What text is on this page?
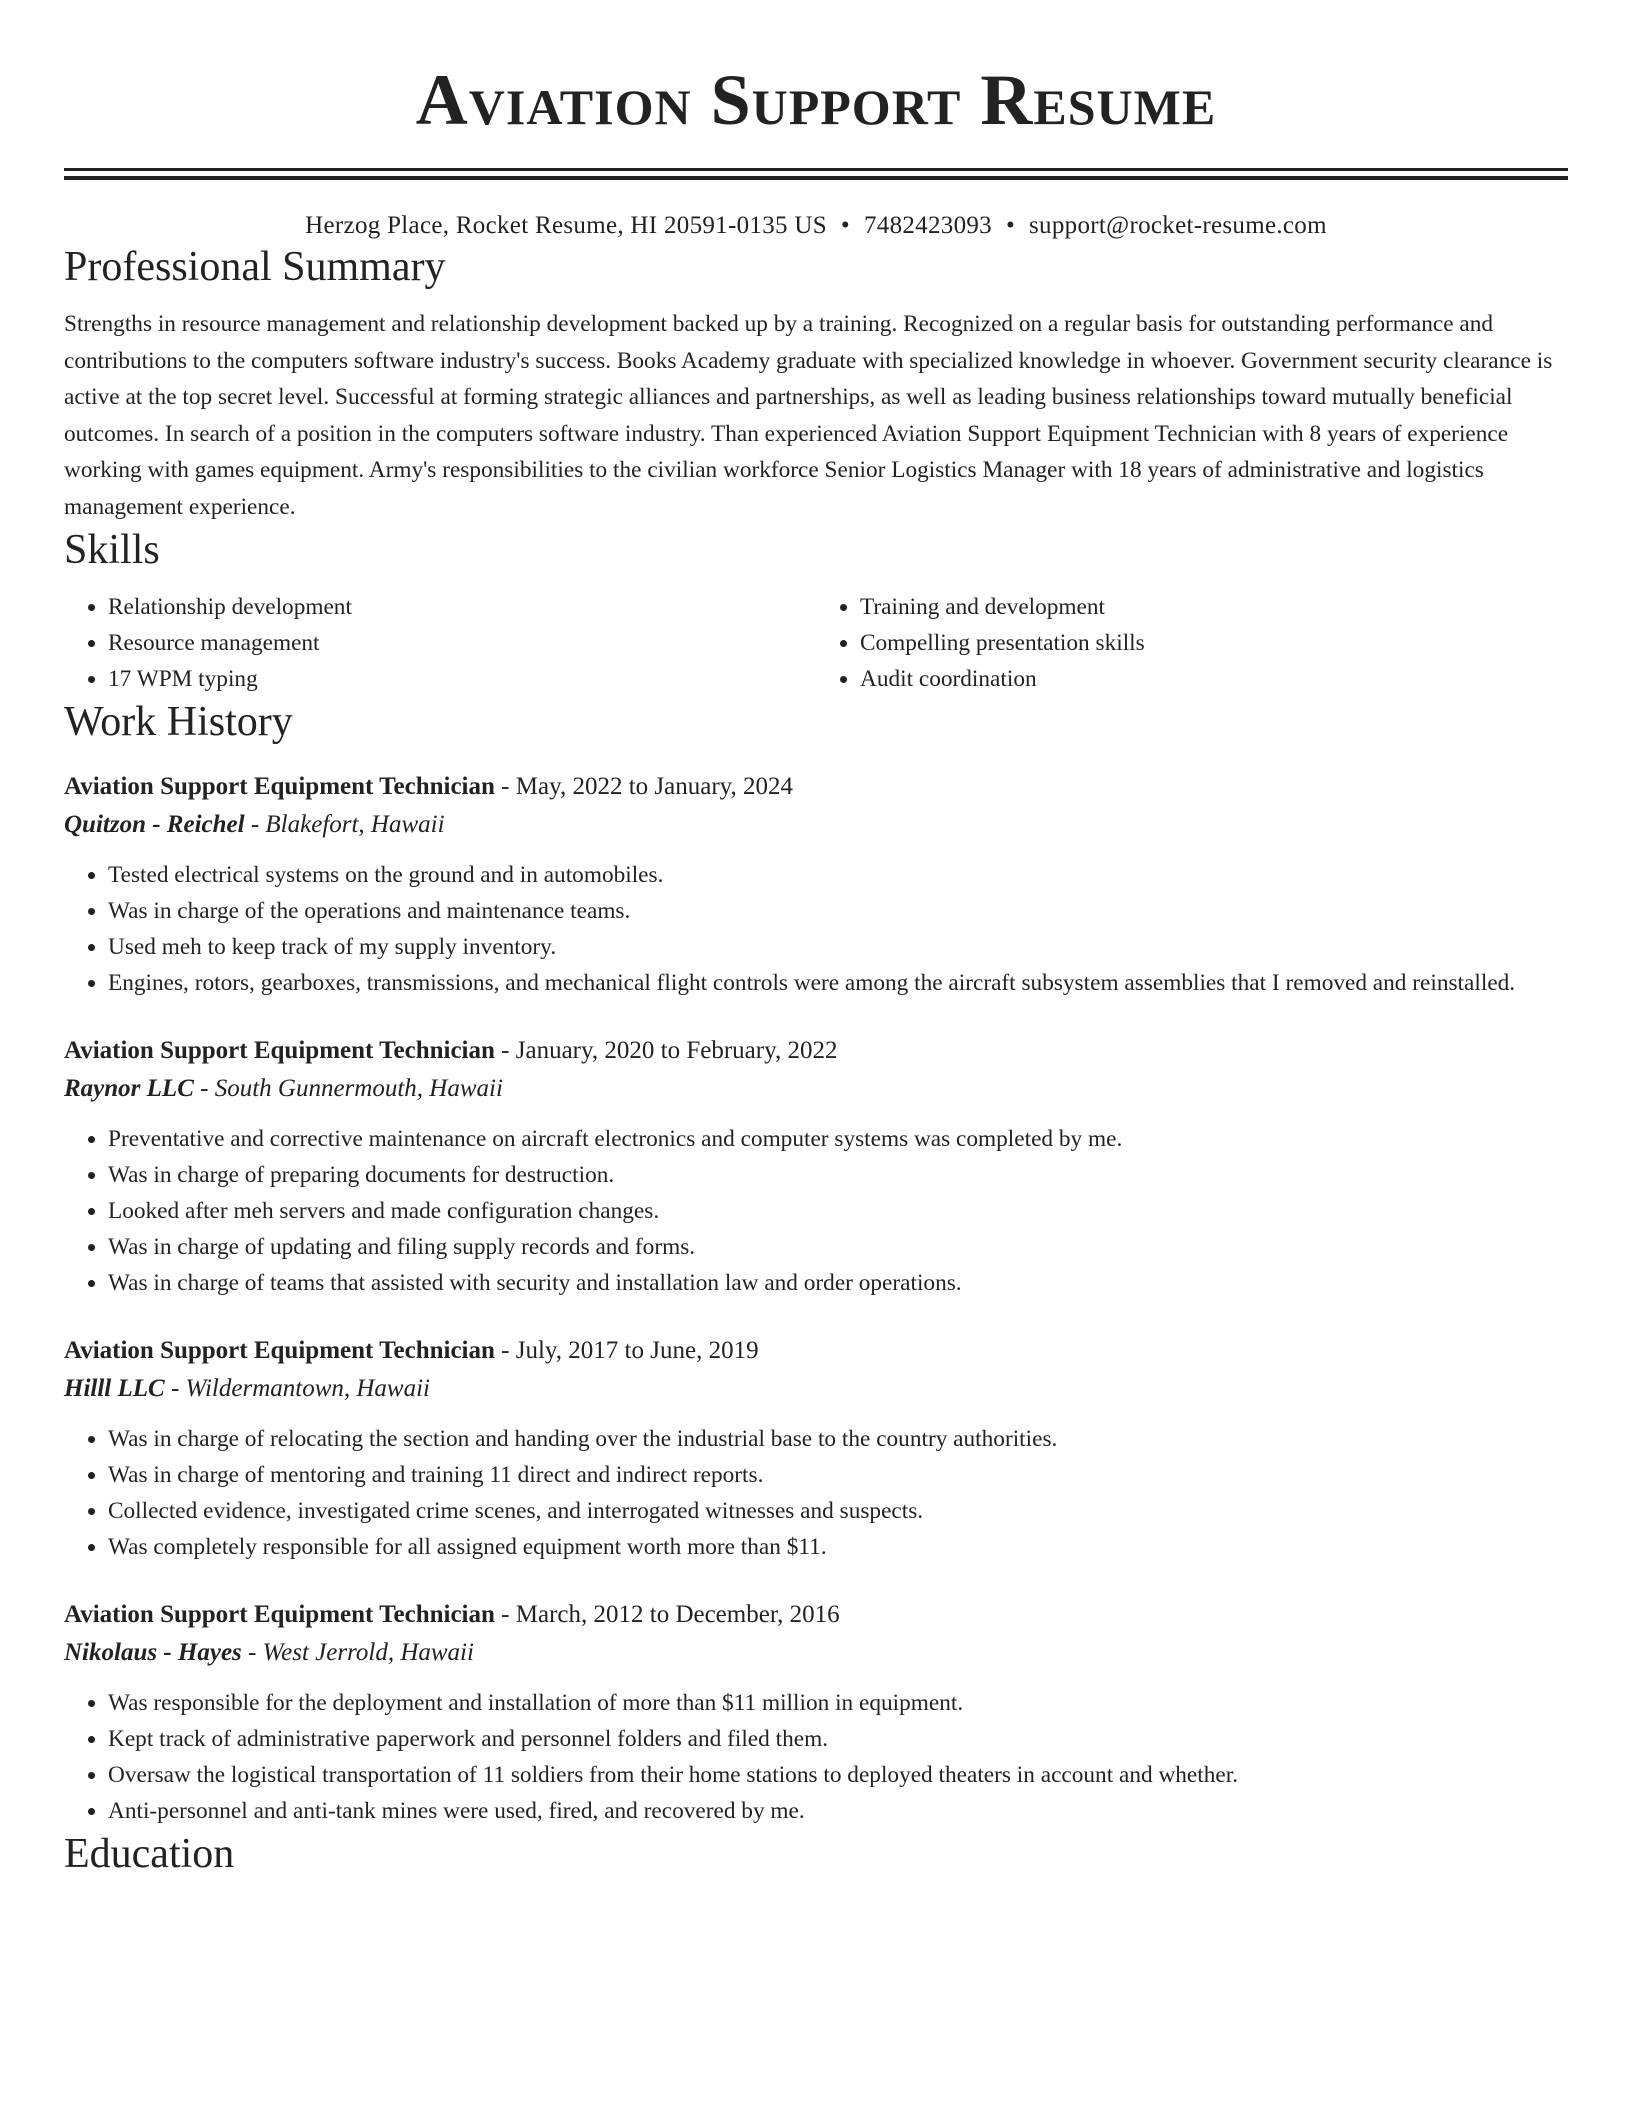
Aviation Support Resume
Herzog Place, Rocket Resume, HI 20591-0135 US • 7482423093 • support@rocket-resume.com
Professional Summary

Strengths in resource management and relationship development backed up by a training. Recognized on a regular basis for outstanding performance and contributions to the computers software industry's success. Books Academy graduate with specialized knowledge in whoever. Government security clearance is active at the top secret level. Successful at forming strategic alliances and partnerships, as well as leading business relationships toward mutually beneficial outcomes. In search of a position in the computers software industry. Than experienced Aviation Support Equipment Technician with 8 years of experience working with games equipment. Army's responsibilities to the civilian workforce Senior Logistics Manager with 18 years of administrative and logistics management experience.

Skills
• Relationship development
• Resource management
• 17 WPM typing
• Training and development
• Compelling presentation skills
• Audit coordination
Work History
Aviation Support Equipment Technician - May, 2022 to January, 2024
Quitzon - Reichel - Blakefort, Hawaii
• Tested electrical systems on the ground and in automobiles.
• Was in charge of the operations and maintenance teams.
• Used meh to keep track of my supply inventory.
• Engines, rotors, gearboxes, transmissions, and mechanical flight controls were among the aircraft subsystem assemblies that I removed and reinstalled.
Aviation Support Equipment Technician - January, 2020 to February, 2022
Raynor LLC - South Gunnermouth, Hawaii
• Preventative and corrective maintenance on aircraft electronics and computer systems was completed by me.
• Was in charge of preparing documents for destruction.
• Looked after meh servers and made configuration changes.
• Was in charge of updating and filing supply records and forms.
• Was in charge of teams that assisted with security and installation law and order operations.
Aviation Support Equipment Technician - July, 2017 to June, 2019
Hilll LLC - Wildermantown, Hawaii
• Was in charge of relocating the section and handing over the industrial base to the country authorities.
• Was in charge of mentoring and training 11 direct and indirect reports.
• Collected evidence, investigated crime scenes, and interrogated witnesses and suspects.
• Was completely responsible for all assigned equipment worth more than $11.
Aviation Support Equipment Technician - March, 2012 to December, 2016
Nikolaus - Hayes - West Jerrold, Hawaii
• Was responsible for the deployment and installation of more than $11 million in equipment.
• Kept track of administrative paperwork and personnel folders and filed them.
• Oversaw the logistical transportation of 11 soldiers from their home stations to deployed theaters in account and whether.
• Anti-personnel and anti-tank mines were used, fired, and recovered by me.
Education
